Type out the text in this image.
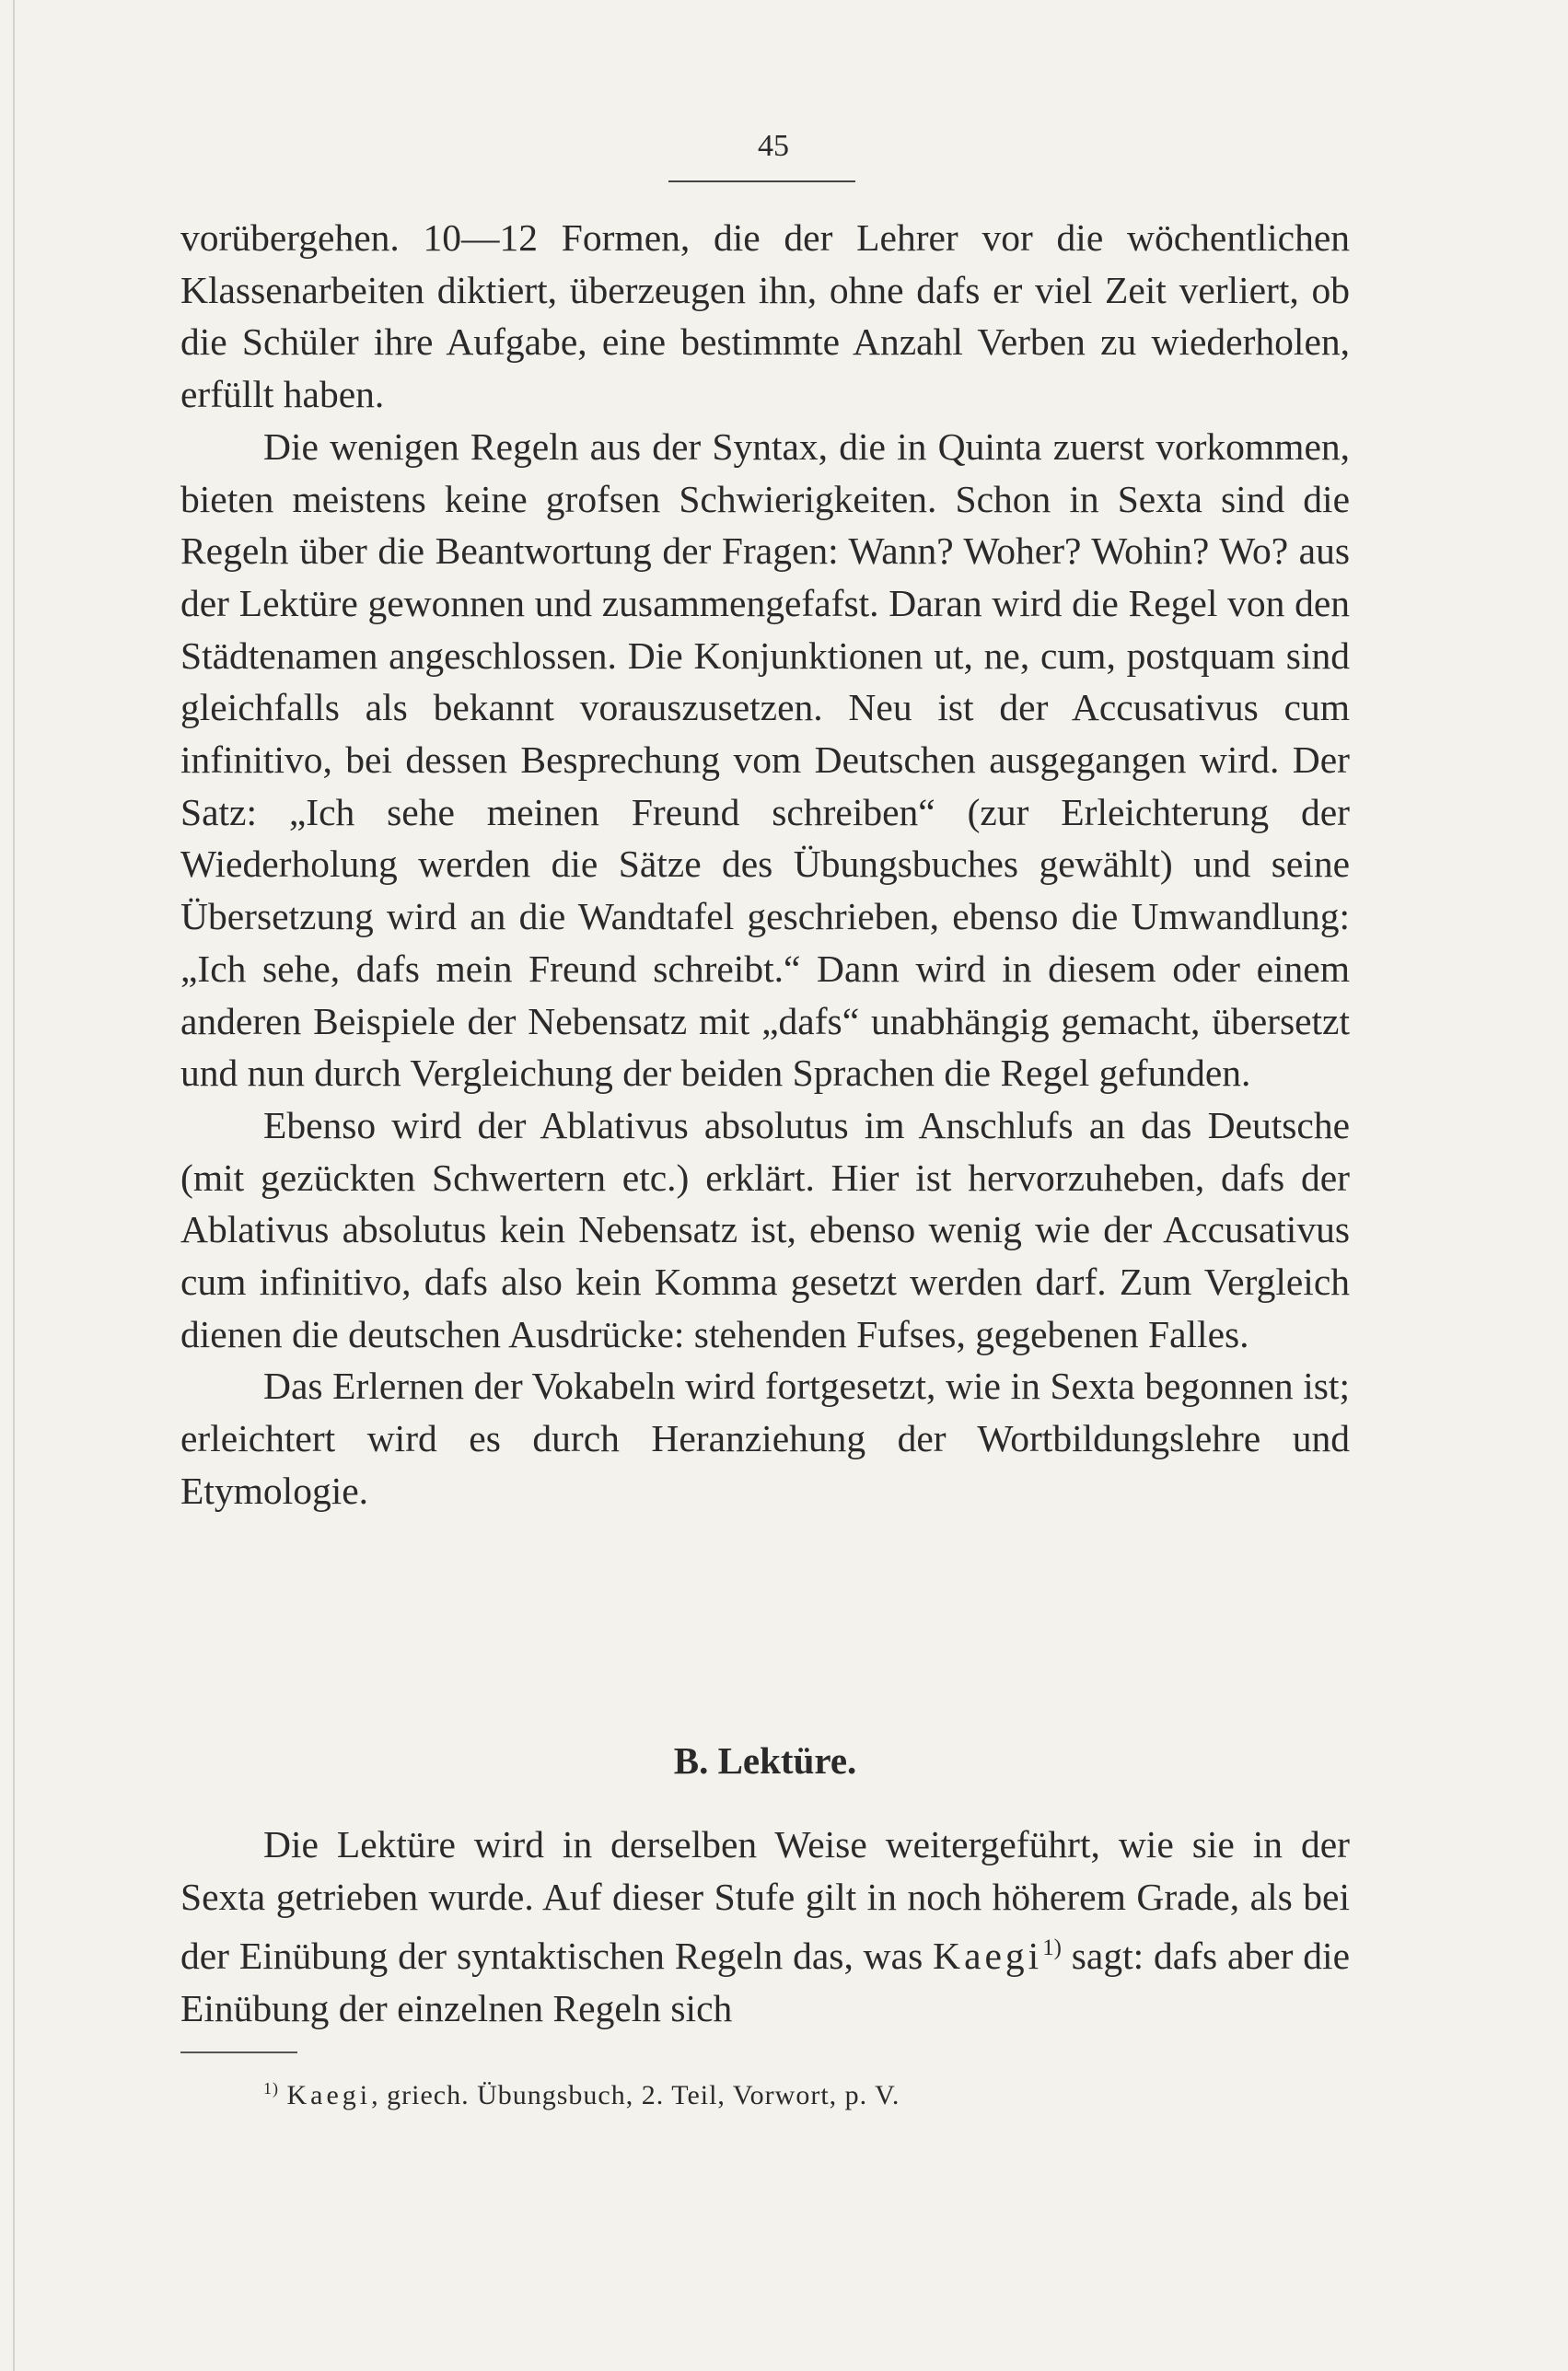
45

vorübergehen. 10—12 Formen, die der Lehrer vor die wöchentlichen Klassenarbeiten diktiert, überzeugen ihn, ohne dafs er viel Zeit verliert, ob die Schüler ihre Aufgabe, eine bestimmte Anzahl Verben zu wiederholen, erfüllt haben.

Die wenigen Regeln aus der Syntax, die in Quinta zuerst vorkommen, bieten meistens keine grofsen Schwierigkeiten. Schon in Sexta sind die Regeln über die Beantwortung der Fragen: Wann? Woher? Wohin? Wo? aus der Lektüre gewonnen und zusammengefafst. Daran wird die Regel von den Städtenamen angeschlossen. Die Konjunktionen ut, ne, cum, postquam sind gleichfalls als bekannt vorauszusetzen. Neu ist der Accusativus cum infinitivo, bei dessen Besprechung vom Deutschen ausgegangen wird. Der Satz: „Ich sehe meinen Freund schreiben“ (zur Erleichterung der Wiederholung werden die Sätze des Übungsbuches gewählt) und seine Übersetzung wird an die Wandtafel geschrieben, ebenso die Umwandlung: „Ich sehe, dafs mein Freund schreibt.“ Dann wird in diesem oder einem anderen Beispiele der Nebensatz mit „dafs“ unabhängig gemacht, übersetzt und nun durch Vergleichung der beiden Sprachen die Regel gefunden.

Ebenso wird der Ablativus absolutus im Anschlufs an das Deutsche (mit gezückten Schwertern etc.) erklärt. Hier ist hervorzuheben, dafs der Ablativus absolutus kein Nebensatz ist, ebenso wenig wie der Accusativus cum infinitivo, dafs also kein Komma gesetzt werden darf. Zum Vergleich dienen die deutschen Ausdrücke: stehenden Fufses, gegebenen Falles.

Das Erlernen der Vokabeln wird fortgesetzt, wie in Sexta begonnen ist; erleichtert wird es durch Heranziehung der Wortbildungslehre und Etymologie.

B. Lektüre.

Die Lektüre wird in derselben Weise weitergeführt, wie sie in der Sexta getrieben wurde. Auf dieser Stufe gilt in noch höherem Grade, als bei der Einübung der syntaktischen Regeln das, was Kaegi$^{1)}$ sagt: dafs aber die Einübung der einzelnen Regeln sich

$^{1)}$ Kaegi, griech. Übungsbuch, 2. Teil, Vorwort, p. V.
